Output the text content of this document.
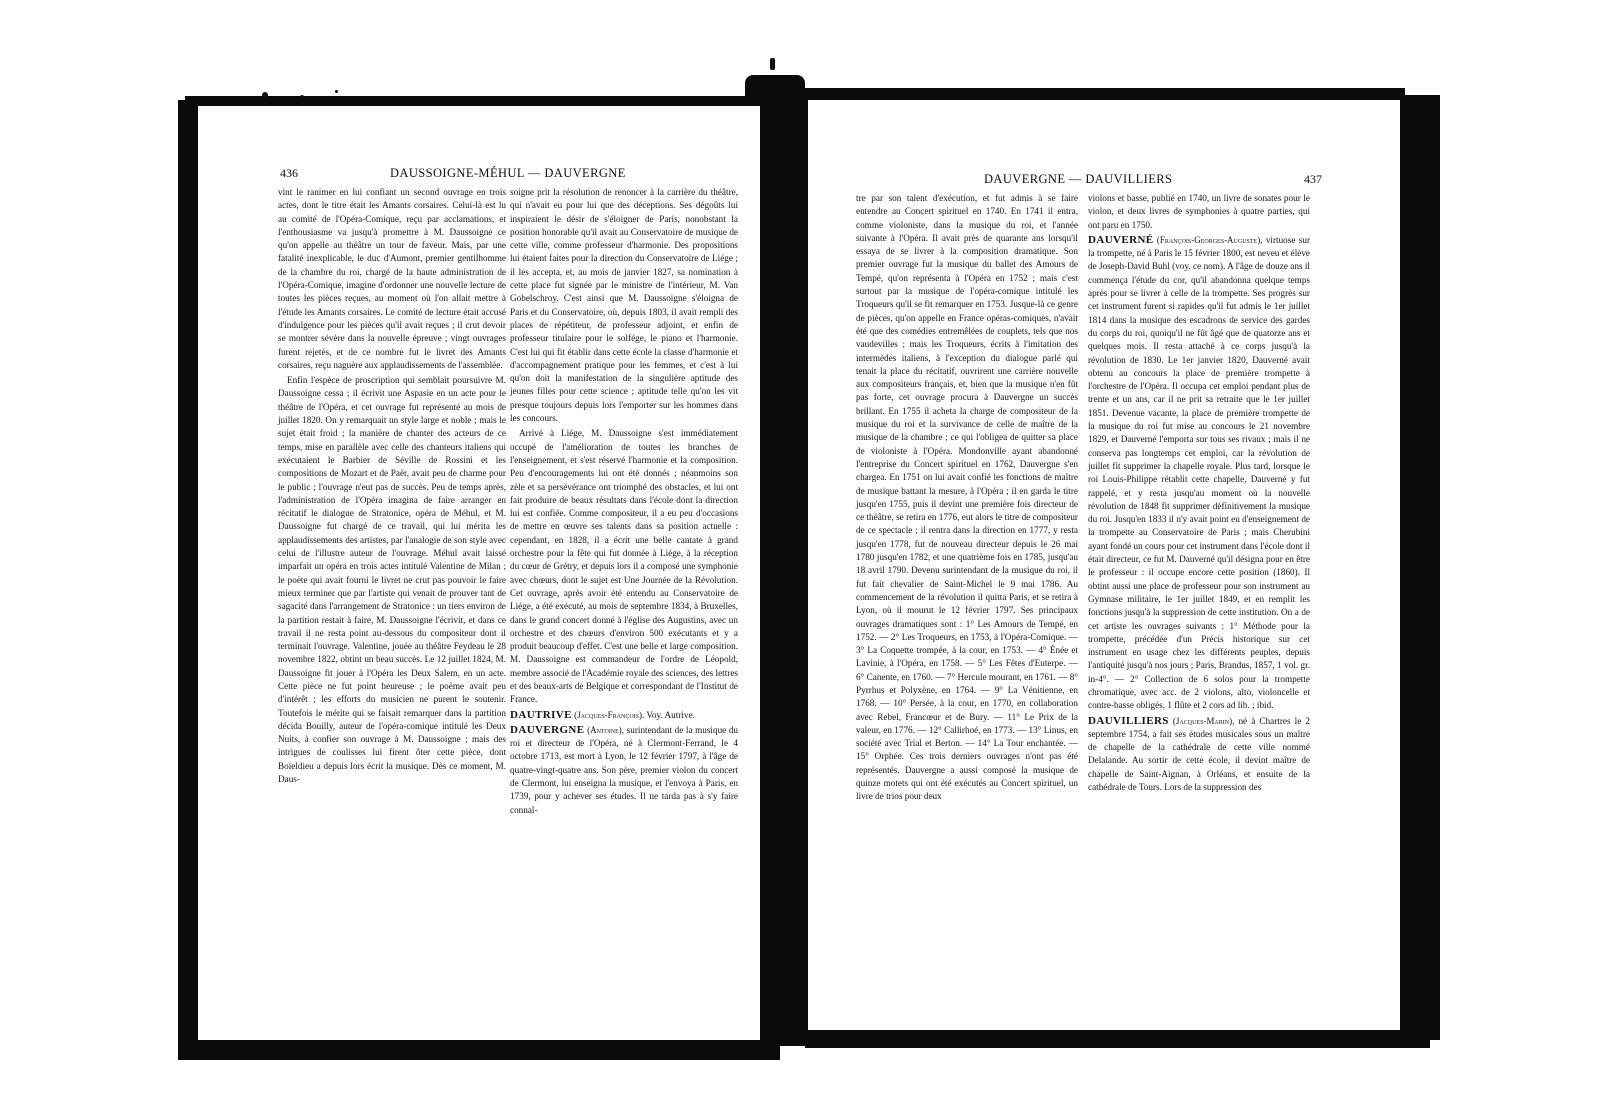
436	DAUSSOIGNE-MÉHUL — DAUVERGNE

vint le ranimer en lui confiant un second ouvrage en trois actes, dont le titre était les Amants corsaires. Celui-là est lu au comité de l'Opéra-Comique, reçu par acclamations, et l'enthousiasme va jusqu'à promettre à M. Daussoigne ce qu'on appelle au théâtre un tour de faveur. Mais, par une fatalité inexplicable, le duc d'Aumont, premier gentilhomme de la chambre du roi, chargé de la haute administration de l'Opéra-Comique, imagine d'ordonner une nouvelle lecture de toutes les pièces reçues, au moment où l'on allait mettre à l'étude les Amants corsaires. Le comité de lecture était accusé d'indulgence pour les pièces qu'il avait reçues ; il crut devoir se montrer sévère dans la nouvelle épreuve ; vingt ouvrages furent rejetés, et de ce nombre fut le livret des Amants corsaires, reçu naguère aux applaudissements de l'assemblée.

Enfin l'espèce de proscription qui semblait poursuivre M. Daussoigne cessa ; il écrivit une Aspasie en un acte pour le théâtre de l'Opéra, et cet ouvrage fut représenté au mois de juillet 1820. On y remarquait un style large et noble ; mais le sujet était froid ; la manière de chanter des acteurs de ce temps, mise en parallèle avec celle des chanteurs italiens qui exécutaient le Barbier de Séville de Rossini et les compositions de Mozart et de Paër, avait peu de charme pour le public ; l'ouvrage n'eut pas de succès. Peu de temps après, l'administration de l'Opéra imagina de faire arranger en récitatif le dialogue de Stratonice, opéra de Méhul, et M. Daussoigne fut chargé de ce travail, qui lui mérita les applaudissements des artistes, par l'analogie de son style avec celui de l'illustre auteur de l'ouvrage. Méhul avait laissé imparfait un opéra en trois actes intitulé Valentine de Milan ; le poëte qui avait fourni le livret ne crut pas pouvoir le faire mieux terminer que par l'artiste qui venait de prouver tant de sagacité dans l'arrangement de Stratonice : un tiers environ de la partition restait à faire, M. Daussoigne l'écrivit, et dans ce travail il ne resta point au-dessous du compositeur dont il terminait l'ouvrage. Valentine, jouée au théâtre Feydeau le 28 novembre 1822, obtint un beau succès. Le 12 juillet 1824, M. Daussoigne fit jouer à l'Opéra les Deux Salem, en un acte. Cette pièce ne fut point heureuse ; le poëme avait peu d'intérêt ; les efforts du musicien ne purent le soutenir. Toutefois le mérite qui se faisait remarquer dans la partition décida Bouilly, auteur de l'opéra-comique intitulé les Deux Nuits, à confier son ouvrage à M. Daussoigne ; mais des intrigues de coulisses lui firent ôter cette pièce, dont Boieldieu a depuis lors écrit la musique. Dès ce moment, M. Daus-

soigne prit la résolution de renoncer à la carrière du théâtre, qui n'avait eu pour lui que des déceptions. Ses dégoûts lui inspiraient le désir de s'éloigner de Paris, nonobstant la position honorable qu'il avait au Conservatoire de musique de cette ville, comme professeur d'harmonie. Des propositions lui étaient faites pour la direction du Conservatoire de Liége ; il les accepta, et, au mois de janvier 1827, sa nomination à cette place fut signée par le ministre de l'intérieur, M. Van Gobelschroy. C'est ainsi que M. Daussoigne s'éloigna de Paris et du Conservatoire, où, depuis 1803, il avait rempli des places de répétiteur, de professeur adjoint, et enfin de professeur titulaire pour le solfége, le piano et l'harmonie. C'est lui qui fit établir dans cette école la classe d'harmonie et d'accompagnement pratique pour les femmes, et c'est à lui qu'on doit la manifestation de la singulière aptitude des jeunes filles pour cette science ; aptitude telle qu'on les vit presque toujours depuis lors l'emporter sur les hommes dans les concours.

Arrivé à Liége, M. Daussoigne s'est immédiatement occupé de l'amélioration de toutes les branches de l'enseignement, et s'est réservé l'harmonie et la composition. Peu d'encouragements lui ont été donnés ; néanmoins son zèle et sa persévérance ont triomphé des obstacles, et lui ont fait produire de beaux résultats dans l'école dont la direction lui est confiée. Comme compositeur, il a eu peu d'occasions de mettre en œuvre ses talents dans sa position actuelle : cependant, en 1828, il a écrit une belle cantate à grand orchestre pour la fête qui fut donnée à Liége, à la réception du cœur de Grétry, et depuis lors il a composé une symphonie avec chœurs, dont le sujet est Une Journée de la Révolution. Cet ouvrage, après avoir été entendu au Conservatoire de Liége, a été exécuté, au mois de septembre 1834, à Bruxelles, dans le grand concert donné à l'église des Augustins, avec un orchestre et des chœurs d'environ 500 exécutants et y a produit beaucoup d'effet. C'est une belle et large composition. M. Daussoigne est commandeur de l'ordre de Léopold, membre associé de l'Académie royale des sciences, des lettres et des beaux-arts de Belgique et correspondant de l'Institut de France.

DAUTRIVE (Jacques-François). Voy. Autrive.

DAUVERGNE (Antoine), surintendant de la musique du roi et directeur de l'Opéra, né à Clermont-Ferrand, le 4 octobre 1713, est mort à Lyon, le 12 février 1797, à l'âge de quatre-vingt-quatre ans. Son père, premier violon du concert de Clermont, lui enseigna la musique, et l'envoya à Paris, en 1739, pour y achever ses études. Il ne tarda pas à s'y faire connaî-

DAUVERGNE — DAUVILLIERS	437

tre par son talent d'exécution, et fut admis à se faire entendre au Concert spirituel en 1740. En 1741 il entra, comme violoniste, dans la musique du roi, et l'année suivante à l'Opéra. Il avait près de quarante ans lorsqu'il essaya de se livrer à la composition dramatique. Son premier ouvrage fut la musique du ballet des Amours de Tempé, qu'on représenta à l'Opéra en 1752 ; mais c'est surtout par la musique de l'opéra-comique intitulé les Troqueurs qu'il se fit remarquer en 1753. Jusque-là ce genre de pièces, qu'on appelle en France opéras-comiques, n'avait été que des comédies entremêlées de couplets, tels que nos vaudevilles ; mais les Troqueurs, écrits à l'imitation des intermèdes italiens, à l'exception du dialogue parlé qui tenait la place du récitatif, ouvrirent une carrière nouvelle aux compositeurs français, et, bien que la musique n'en fût pas forte, cet ouvrage procura à Dauvergne un succès brillant. En 1755 il acheta la charge de compositeur de la musique du roi et la survivance de celle de maître de la musique de la chambre ; ce qui l'obligea de quitter sa place de violoniste à l'Opéra. Mondonville ayant abandonné l'entreprise du Concert spirituel en 1762, Dauvergne s'en chargea. En 1751 on lui avait confié les fonctions de maître de musique battant la mesure, à l'Opéra ; il en garda le titre jusqu'en 1755, puis il devint une première fois directeur de ce théâtre, se retira en 1776, eut alors le titre de compositeur de ce spectacle ; il rentra dans la direction en 1777, y resta jusqu'en 1778, fut de nouveau directeur depuis le 26 mai 1780 jusqu'en 1782, et une quatrième fois en 1785, jusqu'au 18 avril 1790. Devenu surintendant de la musique du roi, il fut fait chevalier de Saint-Michel le 9 mai 1786. Au commencement de la révolution il quitta Paris, et se retira à Lyon, où il mourut le 12 février 1797. Ses principaux ouvrages dramatiques sont : 1° Les Amours de Tempé, en 1752. — 2° Les Troqueurs, en 1753, à l'Opéra-Comique. — 3° La Coquette trompée, à la cour, en 1753. — 4° Énée et Lavinie, à l'Opéra, en 1758. — 5° Les Fêtes d'Euterpe. — 6° Canente, en 1760. — 7° Hercule mourant, en 1761. — 8° Pyrrhus et Polyxène, en 1764. — 9° La Vénitienne, en 1768. — 10° Persée, à la cour, en 1770, en collaboration avec Rebel, Francœur et de Bury. — 11° Le Prix de la valeur, en 1776. — 12° Callirhoé, en 1773. — 13° Linus, en société avec Trial et Berton. — 14° La Tour enchantée. — 15° Orphée. Ces trois derniers ouvrages n'ont pas été représentés. Dauvergne a aussi composé la musique de quinze motets qui ont été exécutés au Concert spirituel, un livre de trios pour deux

violons et basse, publié en 1740, un livre de sonates pour le violon, et deux livres de symphonies à quatre parties, qui ont paru en 1750.

DAUVERNÉ (François-Georges-Auguste), virtuose sur la trompette, né à Paris le 15 février 1800, est neveu et élève de Joseph-David Buhl (voy. ce nom). A l'âge de douze ans il commença l'étude du cor, qu'il abandonna quelque temps après pour se livrer à celle de la trompette. Ses progrès sur cet instrument furent si rapides qu'il fut admis le 1er juillet 1814 dans la musique des escadrons de service des gardes du corps du roi, quoiqu'il ne fût âgé que de quatorze ans et quelques mois. Il resta attaché à ce corps jusqu'à la révolution de 1830. Le 1er janvier 1820, Dauverné avait obtenu au concours la place de première trompette à l'orchestre de l'Opéra. Il occupa cet emploi pendant plus de trente et un ans, car il ne prit sa retraite que le 1er juillet 1851. Devenue vacante, la place de première trompette de la musique du roi fut mise au concours le 21 novembre 1829, et Dauverné l'emporta sur tous ses rivaux ; mais il ne conserva pas longtemps cet emploi, car la révolution de juillet fit supprimer la chapelle royale. Plus tard, lorsque le roi Louis-Philippe rétablit cette chapelle, Dauverné y fut rappelé, et y resta jusqu'au moment où la nouvelle révolution de 1848 fit supprimer définitivement la musique du roi. Jusqu'en 1833 il n'y avait point eu d'enseignement de la trompette au Conservatoire de Paris ; mais Cherubini ayant fondé un cours pour cet instrument dans l'école dont il était directeur, ce fut M. Dauverné qu'il désigna pour en être le professeur : il occupe encore cette position (1860). Il obtint aussi une place de professeur pour son instrument au Gymnase militaire, le 1er juillet 1849, et en remplit les fonctions jusqu'à la suppression de cette institution. On a de cet artiste les ouvrages suivants : 1° Méthode pour la trompette, précédée d'un Précis historique sur cet instrument en usage chez les différents peuples, depuis l'antiquité jusqu'à nos jours ; Paris, Brandus, 1857, 1 vol. gr. in-4°. — 2° Collection de 6 solos pour la trompette chromatique, avec acc. de 2 violons, alto, violoncelle et contre-basse obligés, 1 flûte et 2 cors ad lib. ; ibid.

DAUVILLIERS (Jacques-Marin), né à Chartres le 2 septembre 1754, a fait ses études musicales sous un maître de chapelle de la cathédrale de cette ville nommé Delalande. Au sortir de cette école, il devint maître de chapelle de Saint-Aignan, à Orléans, et ensuite de la cathédrale de Tours. Lors de la suppression des
